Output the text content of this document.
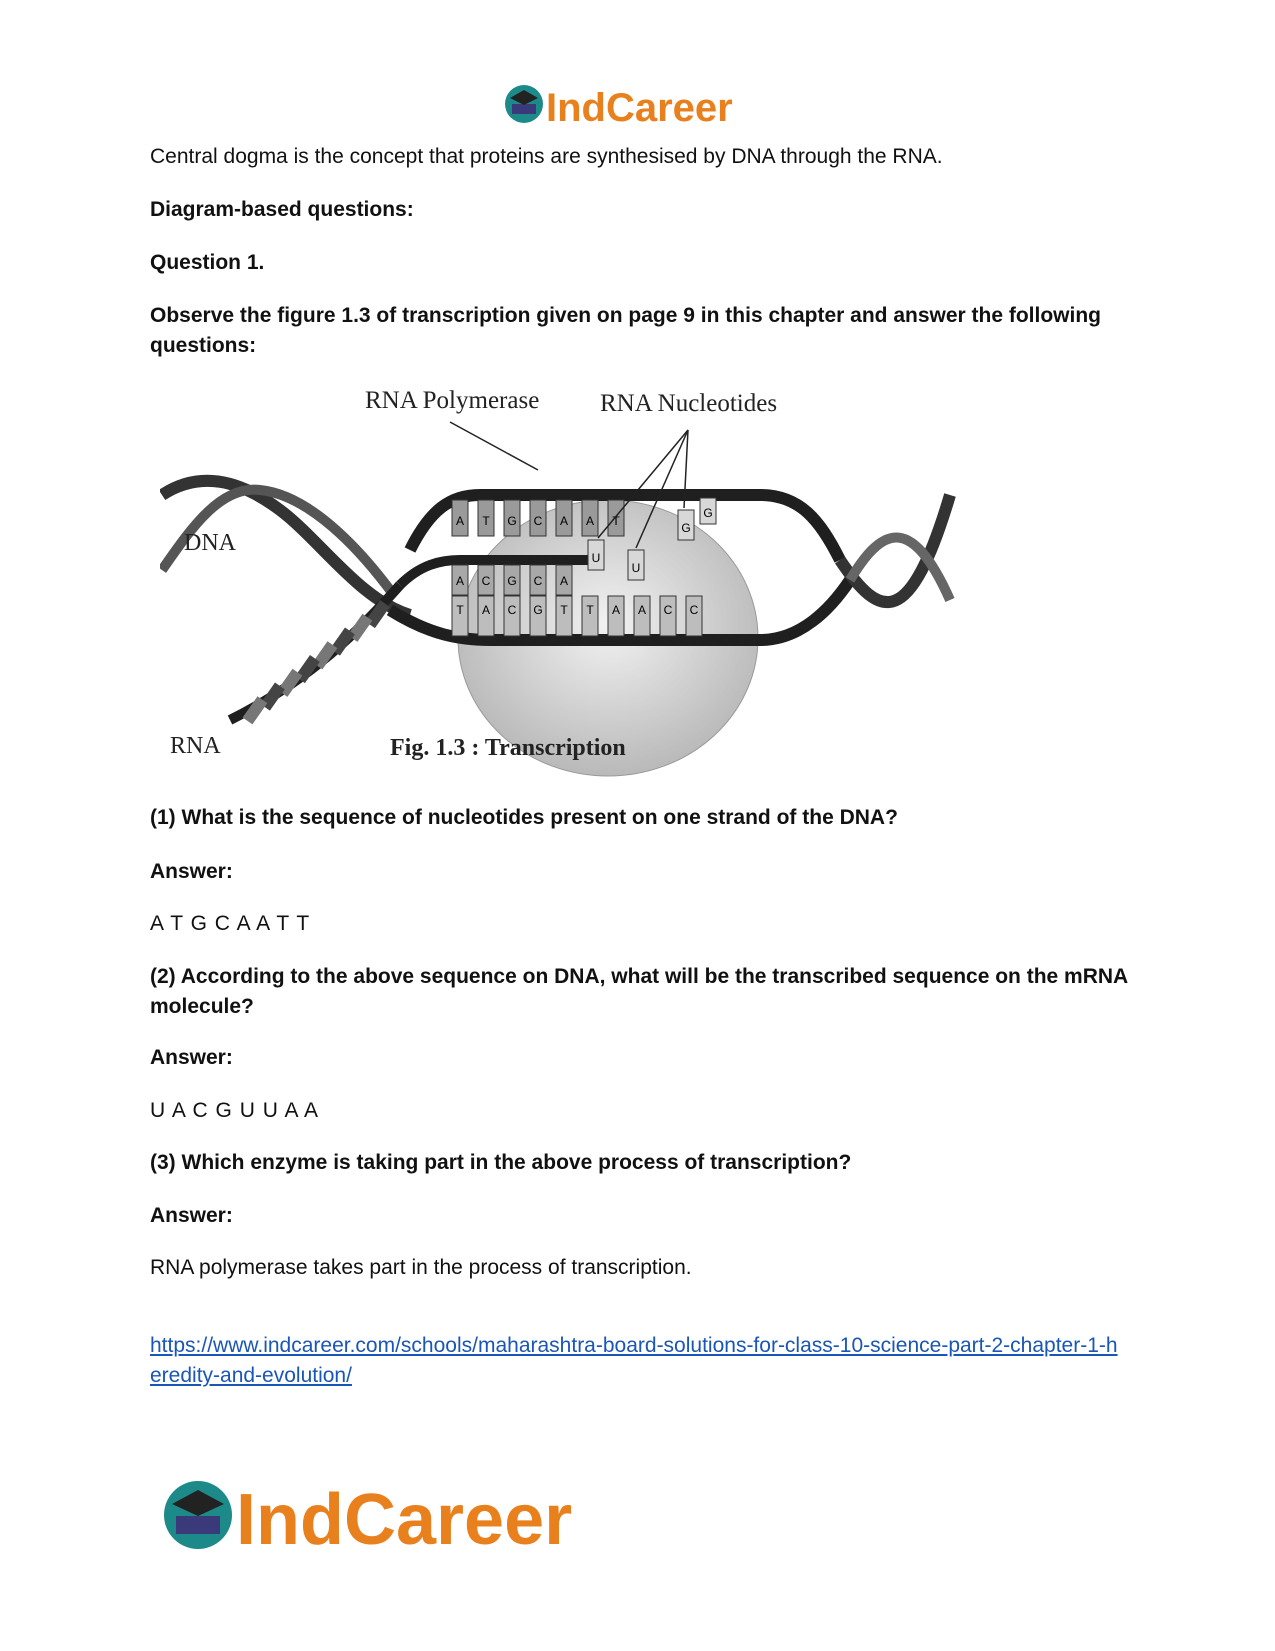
IndCareer

Central dogma is the concept that proteins are synthesised by DNA through the RNA.

Diagram-based questions:

Question 1.

Observe the figure 1.3 of transcription given on page 9 in this chapter and answer the following questions:

A T G C A A T
A C G C A
T A C G T T A A C C
U
U
G
G
RNA Polymerase RNA Nucleotides
DNA
RNA	Fig. 1.3 : Transcription

(1) What is the sequence of nucleotides present on one strand of the DNA?

Answer:

A T G C A A T T

(2) According to the above sequence on DNA, what will be the transcribed sequence on the mRNA molecule?

Answer:

U A C G U U A A

(3) Which enzyme is taking part in the above process of transcription?

Answer:

RNA polymerase takes part in the process of transcription.

https://www.indcareer.com/schools/maharashtra-board-solutions-for-class-10-science-part-2-chapter-1-heredity-and-evolution/

IndCareer
